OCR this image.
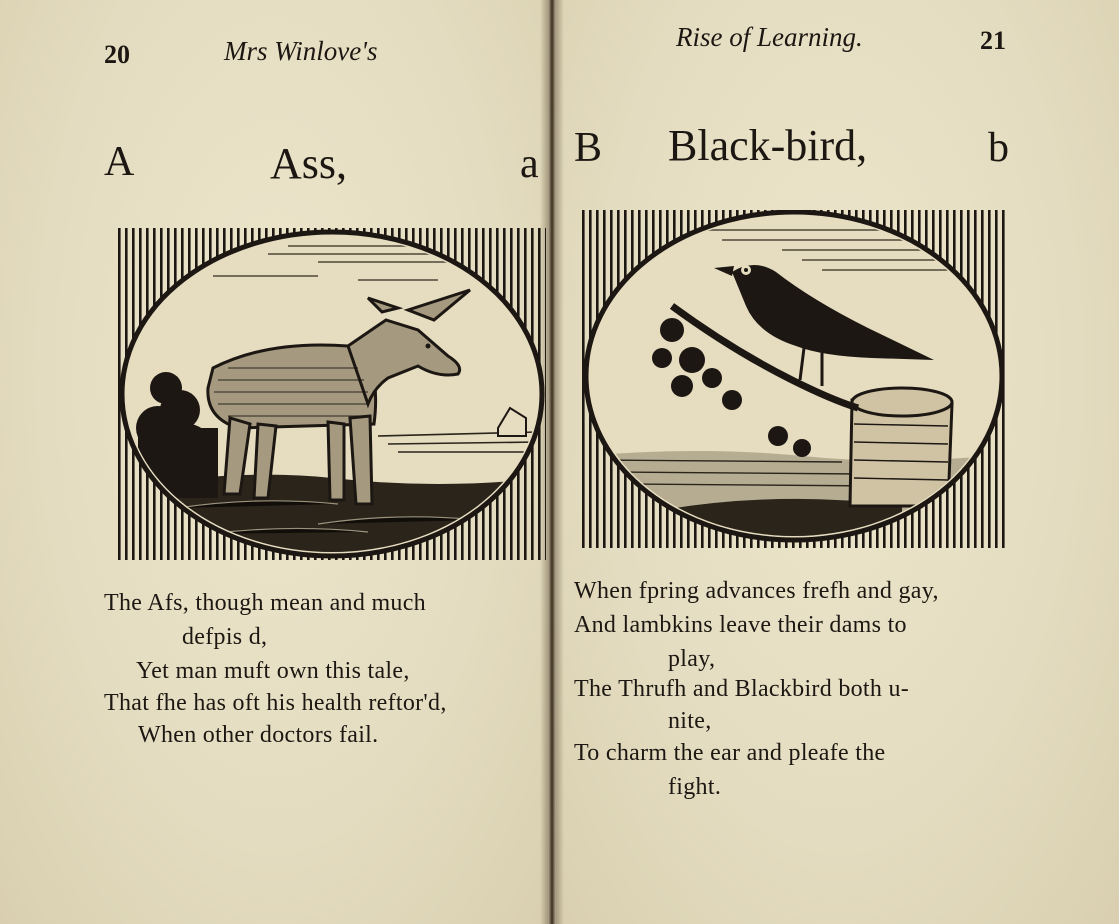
20	Mrs Winlove's
A	Ass,	a
The Afs, though mean and much
defpis d,
Yet man muft own this tale,
That fhe has oft his health reftor'd,
When other doctors fail.
Rise of Learning.	21
B Black-bird,	b
When fpring advances frefh and gay,
And lambkins leave their dams to
play,
The Thrufh and Blackbird both u-
nite,
To charm the ear and pleafe the
fight.
